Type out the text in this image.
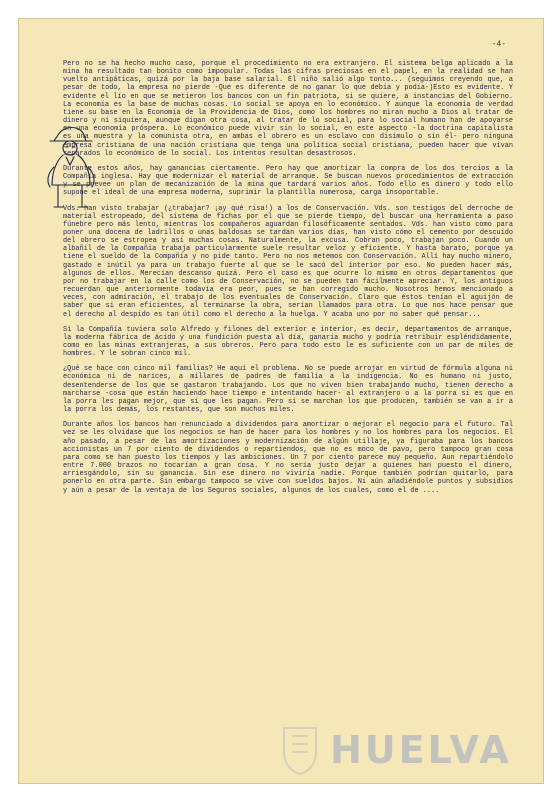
-4-

Pero no se ha hecho mucho caso, porque el procedimiento no era extranjero. El sistema belga aplicado a la mina ha resultado tan bonito como impopular. Todas las cifras preciosas en el papel, en la realidad se han vuelto antipáticas, quizá por la baja base salarial. El niño salió algo tonto... (seguimos creyendo que, a pesar de todo, la empresa no pierde -Que es diferente de no ganar lo que debía y podía-)Esto es evidente. Y evidente el lío en que se metieron los bancos con un fin patriota, si se quiere, a instancias del Gobierno. La economía es la base de muchas cosas. Lo social se apoya en lo económico. Y aunque la economía de verdad tiene su base en la Economía de la Providencia de Dios, como los hombres no miran mucho a Dios al tratar de dinero y ni siquiera, aunque digan otra cosa, al tratar de lo social, para lo social humano han de apoyarse en una economía próspera. Lo económico puede vivir sin lo social, en este aspecto -la doctrina capitalista es una muestra y la comunista otra, en ambas el obrero es un esclavo con disimulo o sin él- pero ninguna empresa cristiana de una nación cristiana que tenga una política social cristiana, pueden hacer que vivan separados lo económico de lo social. Los intentos resultan desastrosos.

Durante estos años, hay ganancias ciertamente. Pero hay que amortizar la compra de los dos tercios a la Compañía inglesa. Hay que modernizar el material de arranque. Se buscan nuevos procedimientos de extracción y se prevee un plan de mecanización de la mina que tardará varios años. Todo ello es dinero y todo ello supone el ideal de una empresa moderna, suprimir la plantilla numerosa, carga insoportable.

Vds. han visto trabajar (¿trabajar? ¡ay qué risa!) a los de Conservación. Vds. son testigos del derroche de material estropeado, del sistema de fichas por el que se pierde tiempo, del buscar una herramienta a paso fúnebre pero más lento, mientras los compañeros aguardan filosóficamente sentados. Vds. han visto como para poner una docena de ladrillos o unas baldosas se tardan varios días, han visto cómo el cemento por descuido del obrero se estropea y así muchas cosas. Naturalmente, la excusa. Cobran poco, trabajan poco. Cuando un albañil de la Compañía trabaja particularmente suele resultar veloz y eficiente. Y hasta barato, porque ya tiene el sueldo de la Compañía y no pide tanto. Pero no nos metemos con Conservación. Allí hay mucho minero, gastado e inútil ya para un trabajo fuerte al que se le sacó del interior por eso. No pueden hacer más, algunos de ellos. Merecían descanso quizá. Pero el caso es que ocurre lo mismo en otros departamentos que por no trabajar en la calle como los de Conservación, no se pueden tan fácilmente apreciar. Y, los antiguos recuerdan que anteriormente todavía era peor, pues se han corregido mucho. Nosotros hemos mencionado a veces, con admiración, el trabajo de los eventuales de Conservación. Claro que éstos tenían el aguijón de saber que si eran eficientes, al terminarse la obra, serían llamados para otra. Lo que nos hace pensar que el derecho al despido es tan útil como el derecho a la huelga. Y acaba uno por no saber qué pensar...

Si la Compañía tuviera solo Alfredo y filones del exterior e interior, es decir, departamentos de arranque, la moderna fábrica de ácido y una fundición puesta al día, ganaría mucho y podría retribuir espléndidamente, como en las minas extranjeras, a sus obreros. Pero para todo esto le es suficiente con un par de miles de hombres. Y le sobran cinco mil.

¿Qué se hace con cinco mil familias? He aquí el problema. No se puede arrojar en virtud de fórmula alguna ni económica ni de narices, a millares de padres de familia a la indigencia. No es humano ni justo, desentenderse de los que se gastaron trabajando. Los que no viven bien trabajando mucho, tienen derecho a marcharse -cosa que están haciendo hace tiempo e intentando hacer- al extranjero o a la porra si es que en la porra les pagan mejor, que sí que les pagan. Pero si se marchan los que producen, también se van a ir a la porra los demás, los restantes, que son muchos miles.

Durante años los bancos han renunciado a dividendos para amortizar o mejorar el negocio para el futuro. Tal vez se les olvidase que los negocios se han de hacer para los hombres y no los hombres para los negocios. El año pasado, a pesar de las amortizaciones y modernización de algún utillaje, ya figuraba para los bancos accionistas un 7 por ciento de dividendos o repartiendos, que no es moco de pavo, pero tampoco gran cosa para como se han puesto los tiempos y las ambiciones. Un 7 por ciento parece muy pequeño. Aun repartiéndolo entre 7.000 brazos no tocarían a gran cosa. Y no sería justo dejar a quienes han puesto el dinero, arriesgándolo, sin su ganancia. Sin ese dinero no viviría nadie. Porque también podrían quitarlo, para ponerlo en otra parte. Sin embargo tampoco se vive con sueldos bajos. Ni aún añadiéndole puntos y subsidios y aún a pesar de la ventaja de los Seguros sociales, algunos de los cuales, como el de ....

HUELVA
